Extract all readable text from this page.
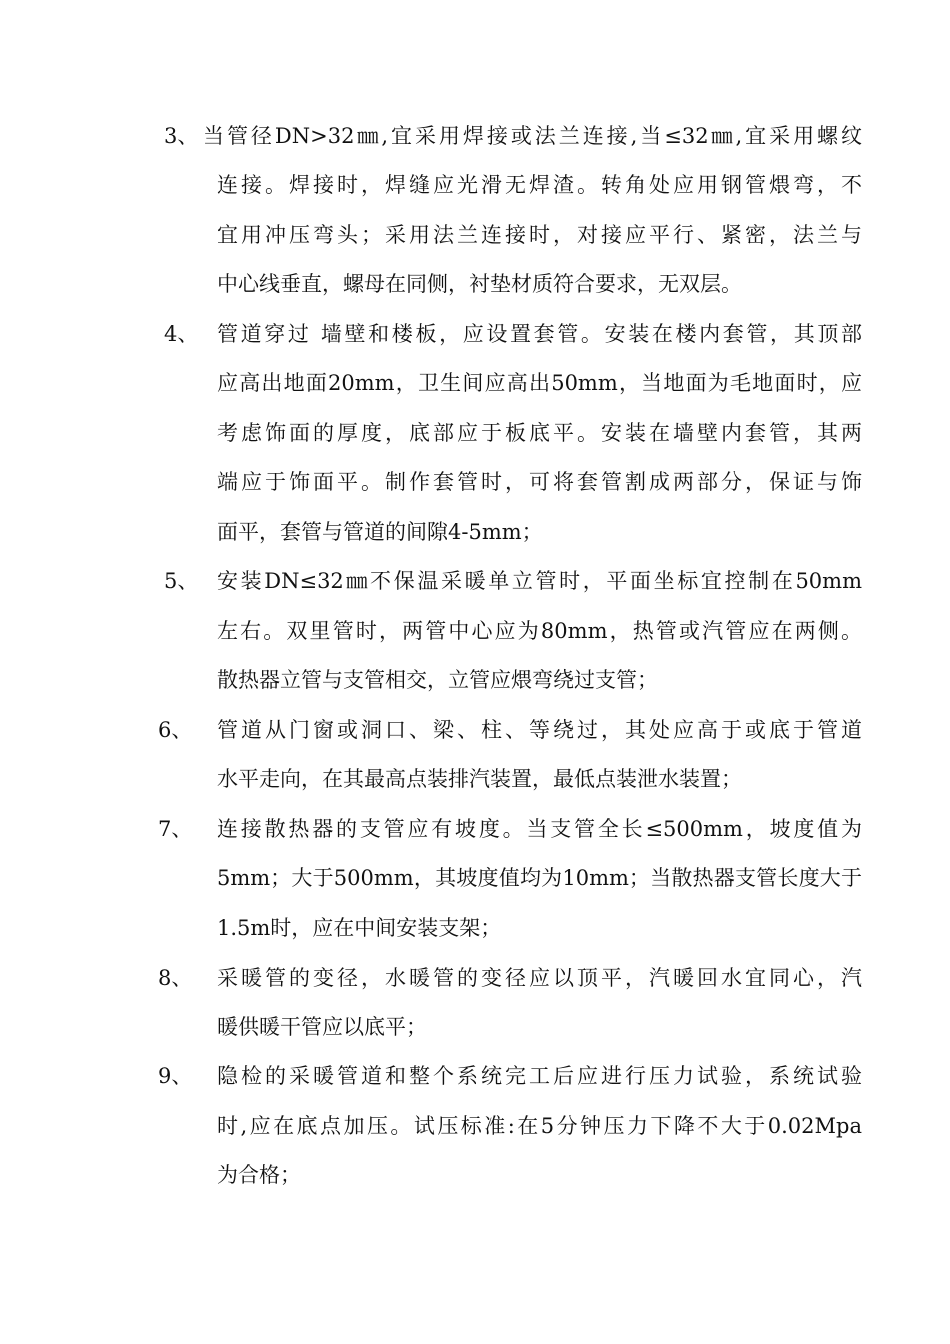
3、 当管径DN>32㎜,宜采用焊接或法兰连接,当≤32㎜,宜采用螺纹
连接。焊接时，焊缝应光滑无焊渣。转角处应用钢管煨弯，不
宜用冲压弯头；采用法兰连接时，对接应平行、紧密，法兰与
中心线垂直，螺母在同侧，衬垫材质符合要求，无双层。
4、 管道穿过 墙壁和楼板，应设置套管。安装在楼内套管，其顶部
应高出地面20mm，卫生间应高出50mm，当地面为毛地面时，应
考虑饰面的厚度，底部应于板底平。安装在墙壁内套管，其两
端应于饰面平。制作套管时，可将套管割成两部分，保证与饰
面平，套管与管道的间隙4-5mm；
5、 安装DN≤32㎜不保温采暖单立管时，平面坐标宜控制在50mm
左右。双里管时，两管中心应为80mm，热管或汽管应在两侧。
散热器立管与支管相交，立管应煨弯绕过支管；
6、 管道从门窗或洞口、梁、柱、等绕过，其处应高于或底于管道
水平走向，在其最高点装排汽装置，最低点装泄水装置；
7、 连接散热器的支管应有坡度。当支管全长≤500mm，坡度值为
5mm；大于500mm，其坡度值均为10mm；当散热器支管长度大于
1.5m时，应在中间安装支架；
8、 采暖管的变径，水暖管的变径应以顶平，汽暖回水宜同心，汽
暖供暖干管应以底平；
9、 隐检的采暖管道和整个系统完工后应进行压力试验，系统试验
时,应在底点加压。试压标准:在5分钟压力下降不大于0.02Mpa
为合格；
